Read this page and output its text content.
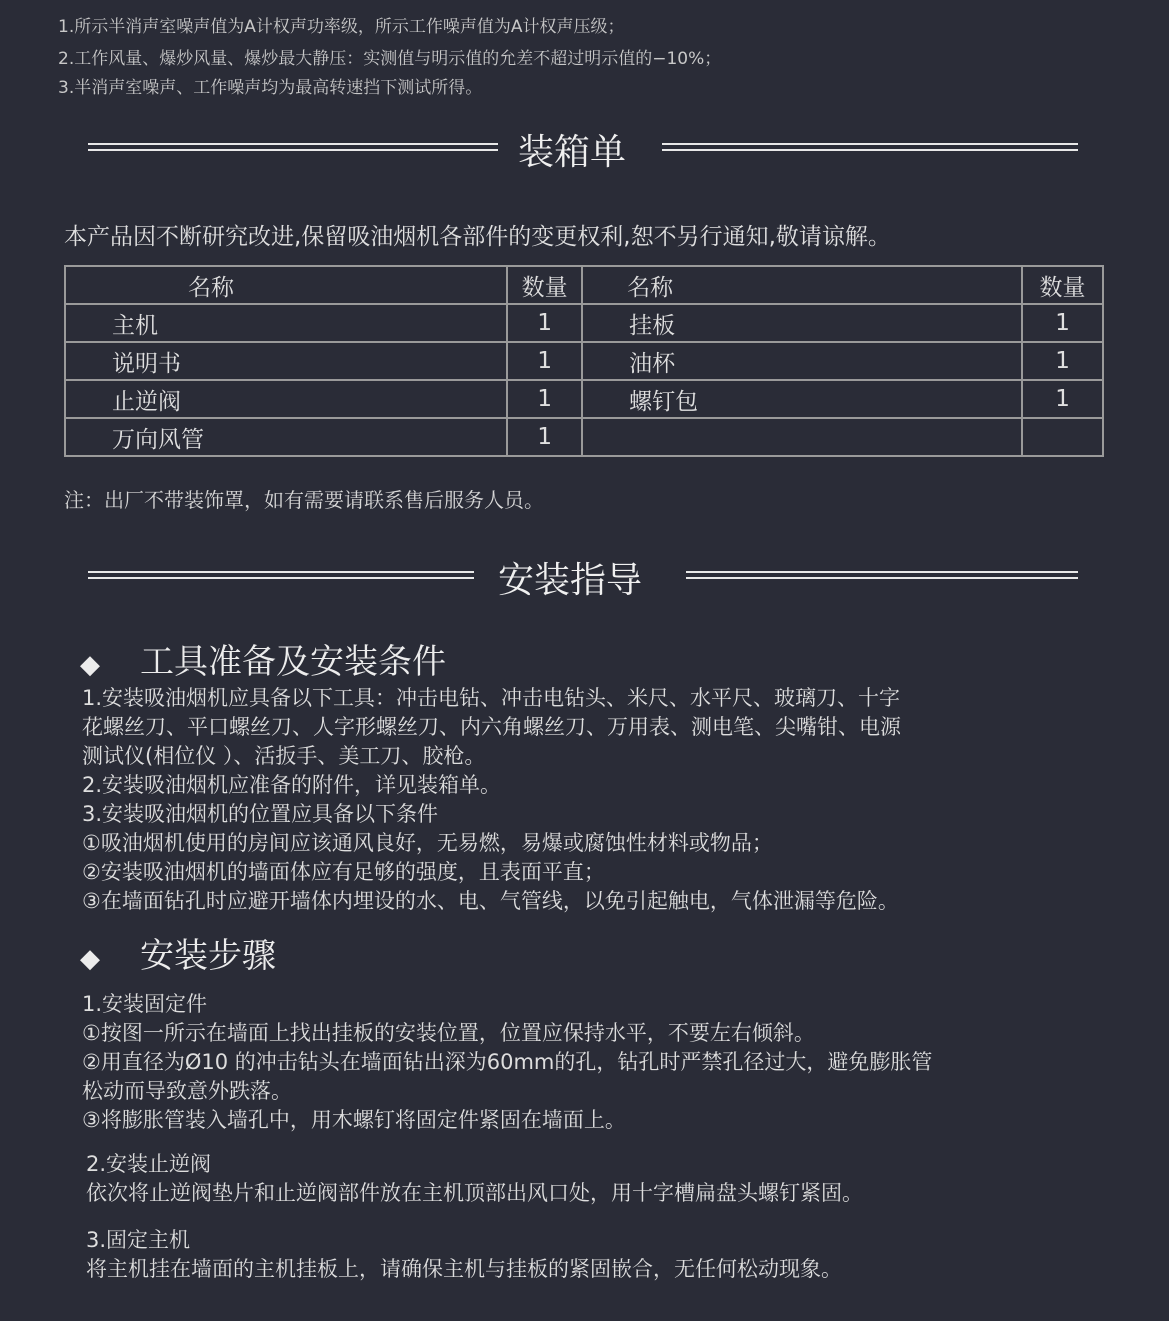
1.所示半消声室噪声值为A计权声功率级，所示工作噪声值为A计权声压级；
2.工作风量、爆炒风量、爆炒最大静压：实测值与明示值的允差不超过明示值的−10%；
3.半消声室噪声、工作噪声均为最高转速挡下测试所得。
装箱单
本产品因不断研究改进,保留吸油烟机各部件的变更权利,恕不另行通知,敬请谅解。
名称	数量	名称	数量
主机	1	挂板	1
说明书	1	油杯	1
止逆阀	1	螺钉包	1
万向风管	1		
注：出厂不带装饰罩，如有需要请联系售后服务人员。
安装指导
◆ 工具准备及安装条件
1.安装吸油烟机应具备以下工具：冲击电钻、冲击电钻头、米尺、水平尺、玻璃刀、十字
花螺丝刀、平口螺丝刀、人字形螺丝刀、内六角螺丝刀、万用表、测电笔、尖嘴钳、电源
测试仪(相位仪 ）、活扳手、美工刀、胶枪。
2.安装吸油烟机应准备的附件，详见装箱单。
3.安装吸油烟机的位置应具备以下条件
①吸油烟机使用的房间应该通风良好，无易燃，易爆或腐蚀性材料或物品；
②安装吸油烟机的墙面体应有足够的强度，且表面平直；
③在墙面钻孔时应避开墙体内埋设的水、电、气管线，以免引起触电，气体泄漏等危险。
◆ 安装步骤
1.安装固定件
①按图一所示在墙面上找出挂板的安装位置，位置应保持水平，不要左右倾斜。
②用直径为Ø10 的冲击钻头在墙面钻出深为60mm的孔，钻孔时严禁孔径过大，避免膨胀管
松动而导致意外跌落。
③将膨胀管装入墙孔中，用木螺钉将固定件紧固在墙面上。
2.安装止逆阀
依次将止逆阀垫片和止逆阀部件放在主机顶部出风口处，用十字槽扁盘头螺钉紧固。
3.固定主机
将主机挂在墙面的主机挂板上，请确保主机与挂板的紧固嵌合，无任何松动现象。
